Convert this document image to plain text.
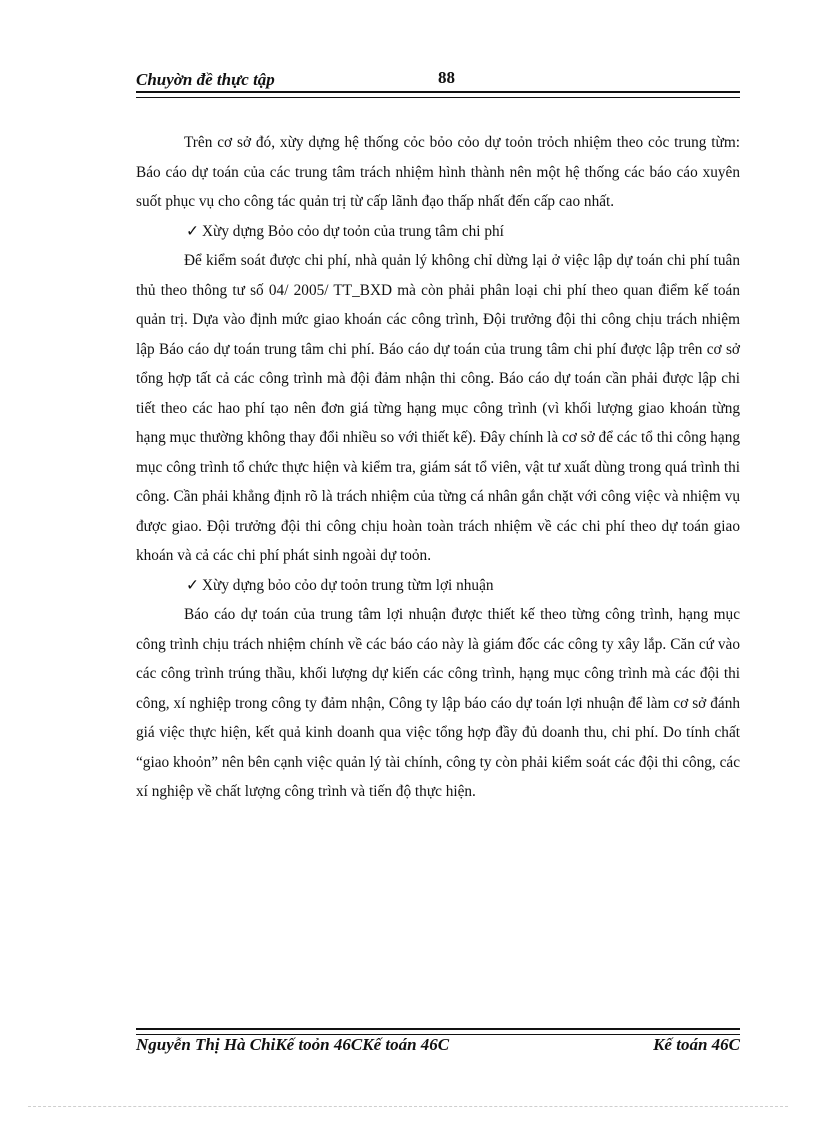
Chuyờn đề thực tập	88

Trên cơ sở đó, xừy dựng hệ thống cỏc bỏo cỏo dự toỏn trỏch nhiệm theo cỏc trung từm: Báo cáo dự toán của các trung tâm trách nhiệm hình thành nên một hệ thống các báo cáo xuyên suốt phục vụ cho công tác quản trị từ cấp lãnh đạo thấp nhất đến cấp cao nhất.

✓ Xừy dựng Bỏo cỏo dự toỏn của trung tâm chi phí

Để kiểm soát được chi phí, nhà quản lý không chỉ dừng lại ở việc lập dự toán chi phí tuân thủ theo thông tư số 04/ 2005/ TT_BXD mà còn phải phân loại chi phí theo quan điểm kế toán quản trị. Dựa vào định mức giao khoán các công trình, Đội trưởng đội thi công chịu trách nhiệm lập Báo cáo dự toán trung tâm chi phí. Báo cáo dự toán của trung tâm chi phí được lập trên cơ sở tổng hợp tất cả các công trình mà đội đảm nhận thi công. Báo cáo dự toán cần phải được lập chi tiết theo các hao phí tạo nên đơn giá từng hạng mục công trình (vì khối lượng giao khoán từng hạng mục thường không thay đổi nhiều so với thiết kế). Đây chính là cơ sở để các tổ thi công hạng mục công trình tổ chức thực hiện và kiểm tra, giám sát tổ viên, vật tư xuất dùng trong quá trình thi công. Cần phải khẳng định rõ là trách nhiệm của từng cá nhân gắn chặt với công việc và nhiệm vụ được giao. Đội trưởng đội thi công chịu hoàn toàn trách nhiệm về các chi phí theo dự toán giao khoán và cả các chi phí phát sinh ngoài dự toỏn.

✓ Xừy dựng bỏo cỏo dự toỏn trung từm lợi nhuận

Báo cáo dự toán của trung tâm lợi nhuận được thiết kế theo từng công trình, hạng mục công trình chịu trách nhiệm chính về các báo cáo này là giám đốc các công ty xây lắp. Căn cứ vào các công trình trúng thầu, khối lượng dự kiến các công trình, hạng mục công trình mà các đội thi công, xí nghiệp trong công ty đảm nhận, Công ty lập báo cáo dự toán lợi nhuận để làm cơ sở đánh giá việc thực hiện, kết quả kinh doanh qua việc tổng hợp đầy đủ doanh thu, chi phí. Do tính chất “giao khoỏn” nên bên cạnh việc quản lý tài chính, công ty còn phải kiểm soát các đội thi công, các xí nghiệp về chất lượng công trình và tiến độ thực hiện.

Nguyễn Thị Hà ChiKế toỏn 46CKế toán 46C	Kế toán 46C
